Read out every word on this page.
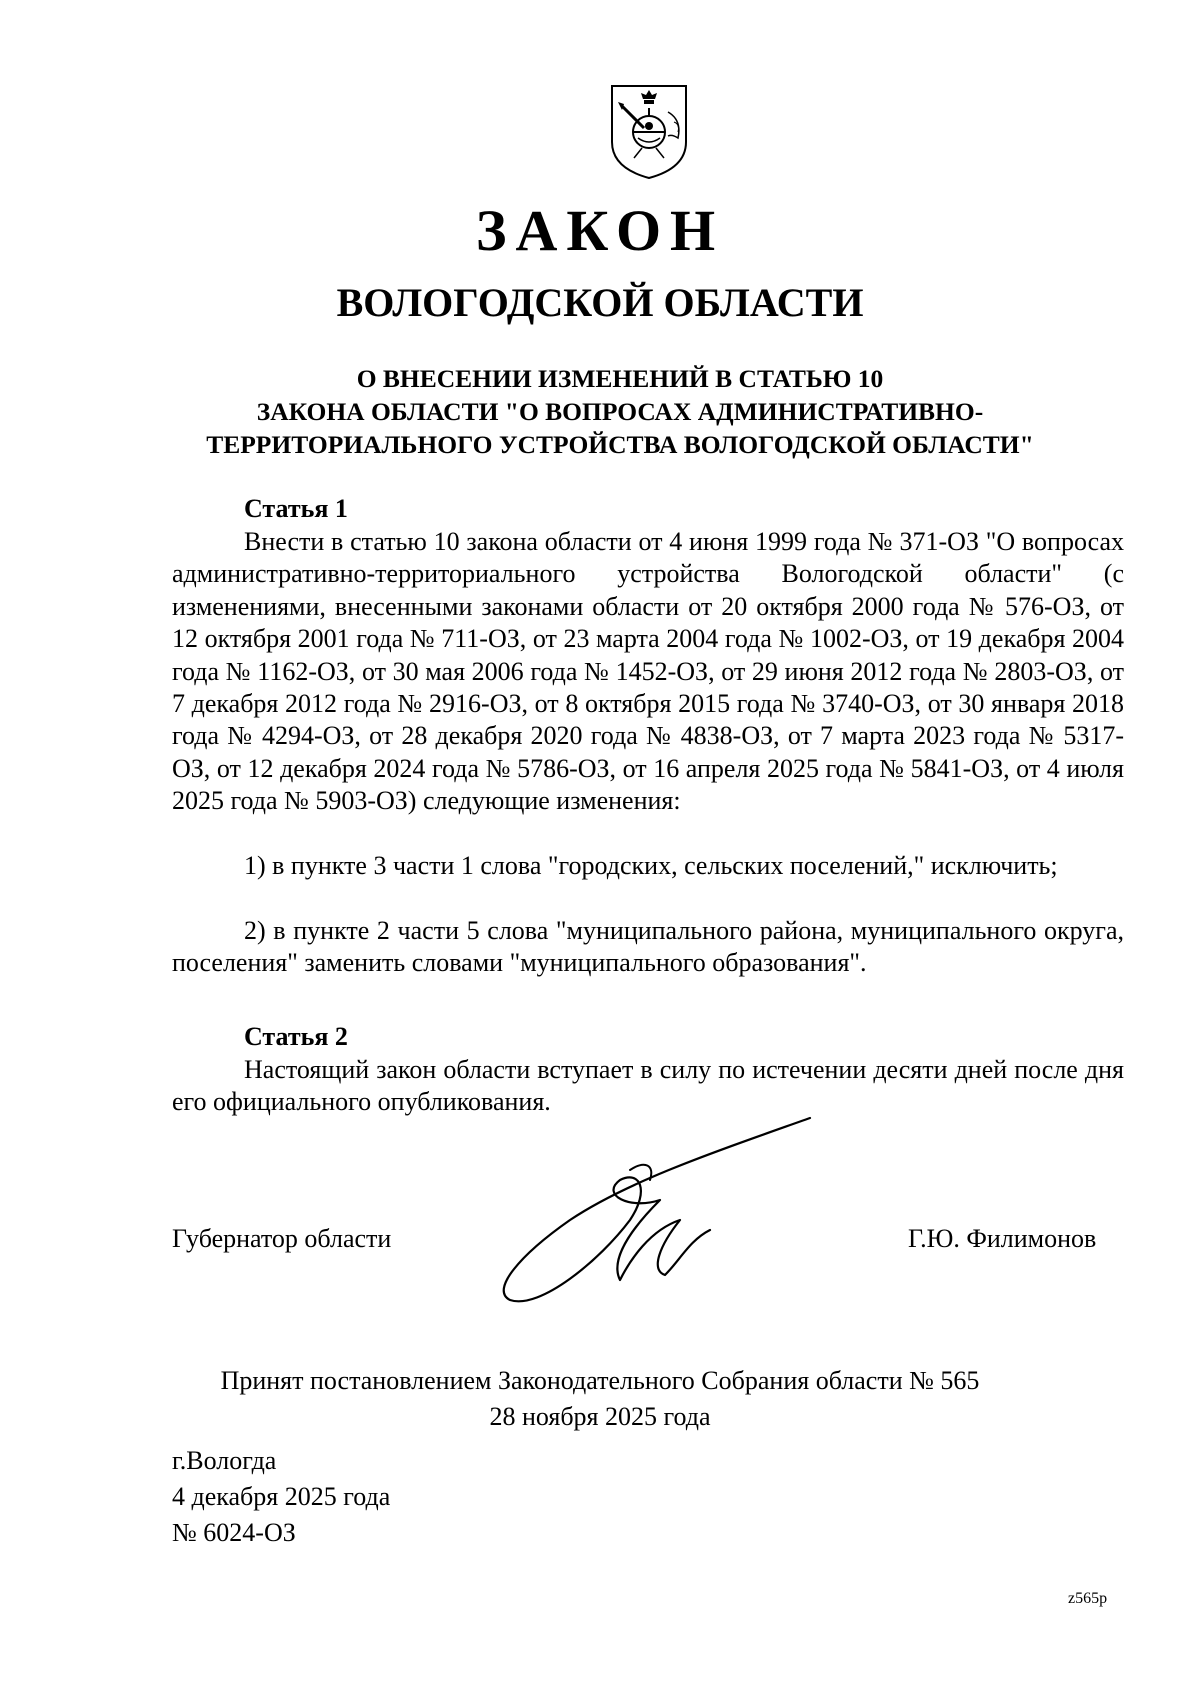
ЗАКОН
ВОЛОГОДСКОЙ ОБЛАСТИ
О ВНЕСЕНИИ ИЗМЕНЕНИЙ В СТАТЬЮ 10
ЗАКОНА ОБЛАСТИ "О ВОПРОСАХ АДМИНИСТРАТИВНО-
ТЕРРИТОРИАЛЬНОГО УСТРОЙСТВА ВОЛОГОДСКОЙ ОБЛАСТИ"

Статья 1

Внести в статью 10 закона области от 4 июня 1999 года № 371-ОЗ "О вопросах административно-территориального устройства Вологодской области" (с изменениями, внесенными законами области от 20 октября 2000 года № 576-ОЗ, от 12 октября 2001 года № 711-ОЗ, от 23 марта 2004 года № 1002-ОЗ, от 19 декабря 2004 года № 1162-ОЗ, от 30 мая 2006 года № 1452-ОЗ, от 29 июня 2012 года № 2803-ОЗ, от 7 декабря 2012 года № 2916-ОЗ, от 8 октября 2015 года № 3740-ОЗ, от 30 января 2018 года № 4294-ОЗ, от 28 декабря 2020 года № 4838-ОЗ, от 7 марта 2023 года № 5317-ОЗ, от 12 декабря 2024 года № 5786-ОЗ, от 16 апреля 2025 года № 5841-ОЗ, от 4 июля 2025 года № 5903-ОЗ) следующие изменения:

1) в пункте 3 части 1 слова "городских, сельских поселений," исключить;

2) в пункте 2 части 5 слова "муниципального района, муниципального округа, поселения" заменить словами "муниципального образования".

Статья 2

Настоящий закон области вступает в силу по истечении десяти дней после дня его официального опубликования.

Губернатор области	Г.Ю. Филимонов

Принят постановлением Законодательного Собрания области № 565
28 ноября 2025 года
г.Вологда
4 декабря 2025 года
№ 6024-ОЗ

z565p
